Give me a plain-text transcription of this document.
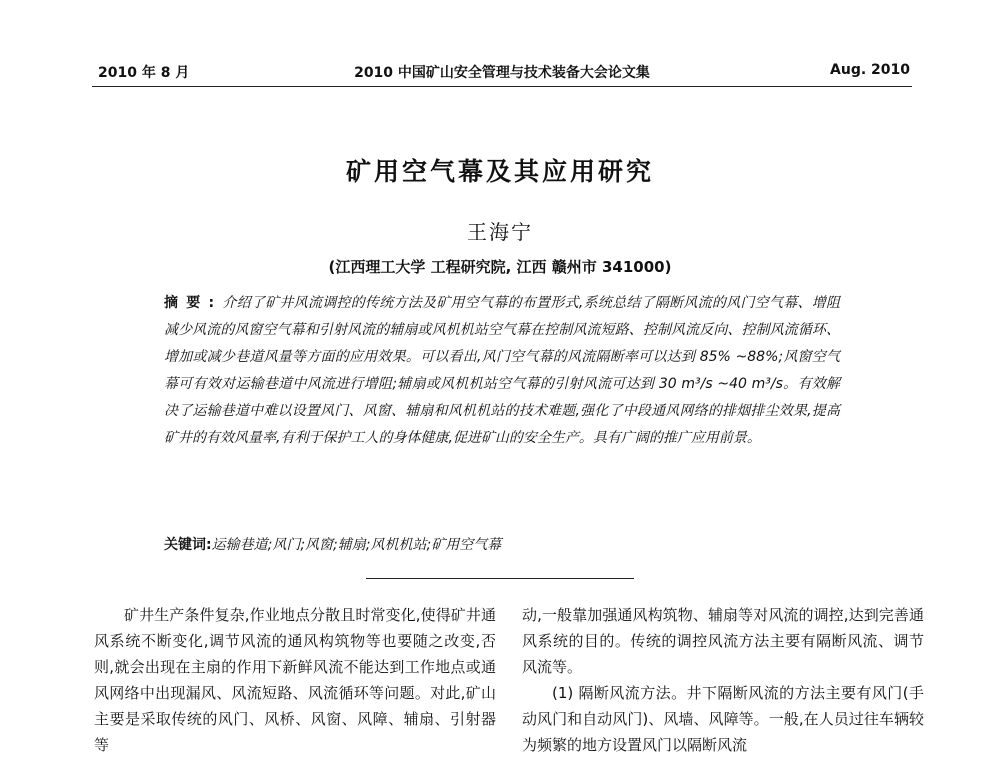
2010 年 8 月	2010 中国矿山安全管理与技术装备大会论文集	Aug. 2010
矿用空气幕及其应用研究
王海宁
(江西理工大学 工程研究院, 江西 赣州市 341000)
摘要:介绍了矿井风流调控的传统方法及矿用空气幕的布置形式,系统总结了隔断风流的风门空气幕、增阻减少风流的风窗空气幕和引射风流的辅扇或风机机站空气幕在控制风流短路、控制风流反向、控制风流循环、增加或减少巷道风量等方面的应用效果。可以看出,风门空气幕的风流隔断率可以达到 85% ~88%;风窗空气幕可有效对运输巷道中风流进行增阻;辅扇或风机机站空气幕的引射风流可达到 30 m³/s ~40 m³/s。有效解决了运输巷道中难以设置风门、风窗、辅扇和风机机站的技术难题,强化了中段通风网络的排烟排尘效果,提高矿井的有效风量率,有利于保护工人的身体健康,促进矿山的安全生产。具有广阔的推广应用前景。
关键词:运输巷道;风门;风窗;辅扇;风机机站;矿用空气幕

矿井生产条件复杂,作业地点分散且时常变化,使得矿井通风系统不断变化,调节风流的通风构筑物等也要随之改变,否则,就会出现在主扇的作用下新鲜风流不能达到工作地点或通风网络中出现漏风、风流短路、风流循环等问题。对此,矿山主要是采取传统的风门、风桥、风窗、风障、辅扇、引射器等

动,一般靠加强通风构筑物、辅扇等对风流的调控,达到完善通风系统的目的。传统的调控风流方法主要有隔断风流、调节风流等。

(1) 隔断风流方法。井下隔断风流的方法主要有风门(手动风门和自动风门)、风墙、风障等。一般,在人员过往车辆较为频繁的地方设置风门以隔断风流
